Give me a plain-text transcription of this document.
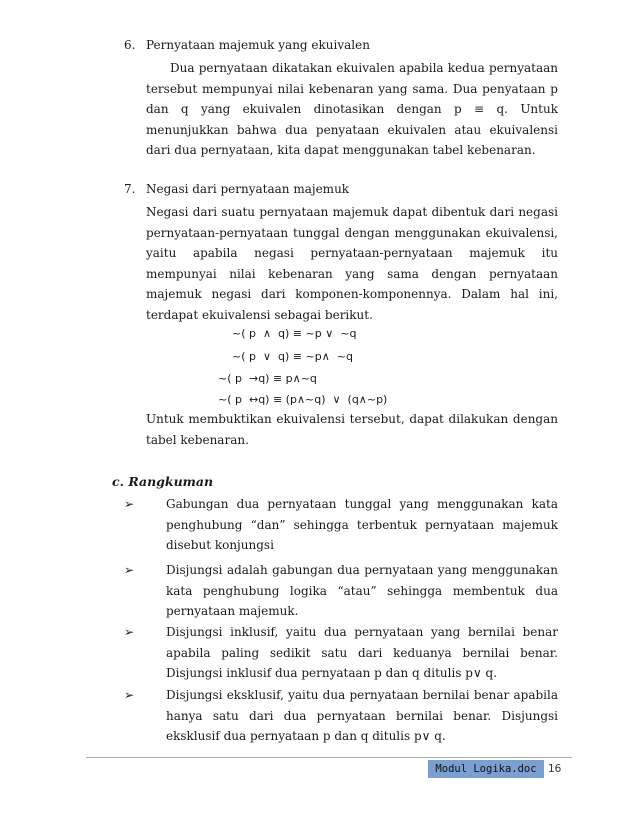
6. Pernyataan majemuk yang ekuivalen
Dua pernyataan dikatakan ekuivalen apabila kedua pernyataan tersebut mempunyai nilai kebenaran yang sama. Dua penyataan p dan q yang ekuivalen dinotasikan dengan p ≡ q. Untuk menunjukkan bahwa dua penyataan ekuivalen atau ekuivalensi dari dua pernyataan, kita dapat menggunakan tabel kebenaran.
7. Negasi dari pernyataan majemuk
Negasi dari suatu pernyataan majemuk dapat dibentuk dari negasi pernyataan-pernyataan tunggal dengan menggunakan ekuivalensi, yaitu apabila negasi pernyataan-pernyataan majemuk itu mempunyai nilai kebenaran yang sama dengan pernyataan majemuk negasi dari komponen-komponennya. Dalam hal ini, terdapat ekuivalensi sebagai berikut.
~( p  ∧  q) ≡ ~p ∨  ~q
~( p  ∨  q) ≡ ~p∧  ~q
~( p  →q) ≡ p∧~q
~( p  ↔q) ≡ (p∧~q)  ∨  (q∧~p)
Untuk membuktikan ekuivalensi tersebut, dapat dilakukan dengan tabel kebenaran.
c. Rangkuman
➢	Gabungan dua pernyataan tunggal yang menggunakan kata penghubung “dan” sehingga terbentuk pernyataan majemuk disebut konjungsi
➢	Disjungsi adalah gabungan dua pernyataan yang menggunakan kata penghubung logika “atau” sehingga membentuk dua pernyataan majemuk.
➢	Disjungsi inklusif, yaitu dua pernyataan yang bernilai benar apabila paling sedikit satu dari keduanya bernilai benar. Disjungsi inklusif dua pernyataan p dan q ditulis p∨ q.
➢	Disjungsi eksklusif, yaitu dua pernyataan bernilai benar apabila hanya satu dari dua pernyataan bernilai benar. Disjungsi eksklusif dua pernyataan p dan q ditulis p∨ q.
Modul Logika.doc	16
